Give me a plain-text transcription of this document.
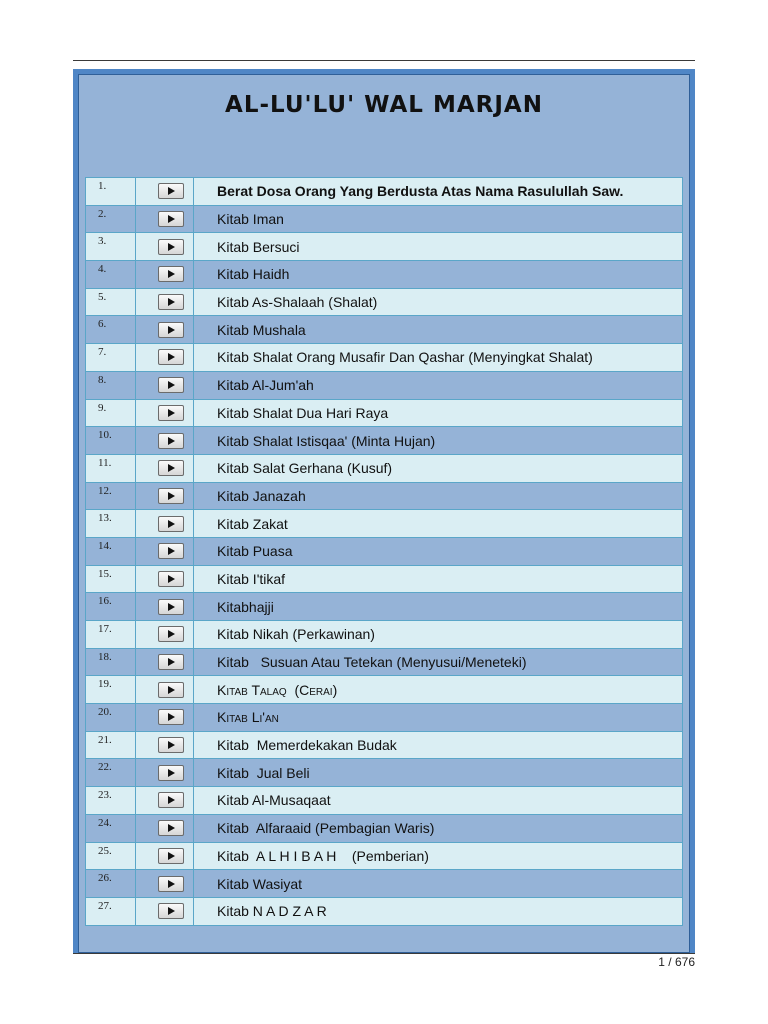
AL-LU'LU' WAL MARJAN
1.		Berat Dosa Orang Yang Berdusta Atas Nama Rasulullah Saw.

2.		Kitab Iman

3.		Kitab Bersuci

4.		Kitab Haidh

5.		Kitab As-Shalaah (Shalat)

6.		Kitab Mushala

7.		Kitab Shalat Orang Musafir Dan Qashar (Menyingkat Shalat)

8.		Kitab Al-Jum'ah

9.		Kitab Shalat Dua Hari Raya

10.		Kitab Shalat Istisqaa' (Minta Hujan)

11.		Kitab Salat Gerhana (Kusuf)

12.		Kitab Janazah

13.		Kitab Zakat

14.		Kitab Puasa

15.		Kitab I'tikaf

16.		Kitabhajji

17.		Kitab Nikah (Perkawinan)

18.		Kitab   Susuan Atau Tetekan (Menyusui/Meneteki)

19.		Kitab Talaq  (Cerai)

20.		Kitab Li'an

21.		Kitab  Memerdekakan Budak

22.		Kitab  Jual Beli

23.		Kitab Al-Musaqaat

24.		Kitab  Alfaraaid (Pembagian Waris)

25.		Kitab  A L H I B A H    (Pemberian)

26.		Kitab Wasiyat

27.		Kitab N A D Z A R
1 / 676
